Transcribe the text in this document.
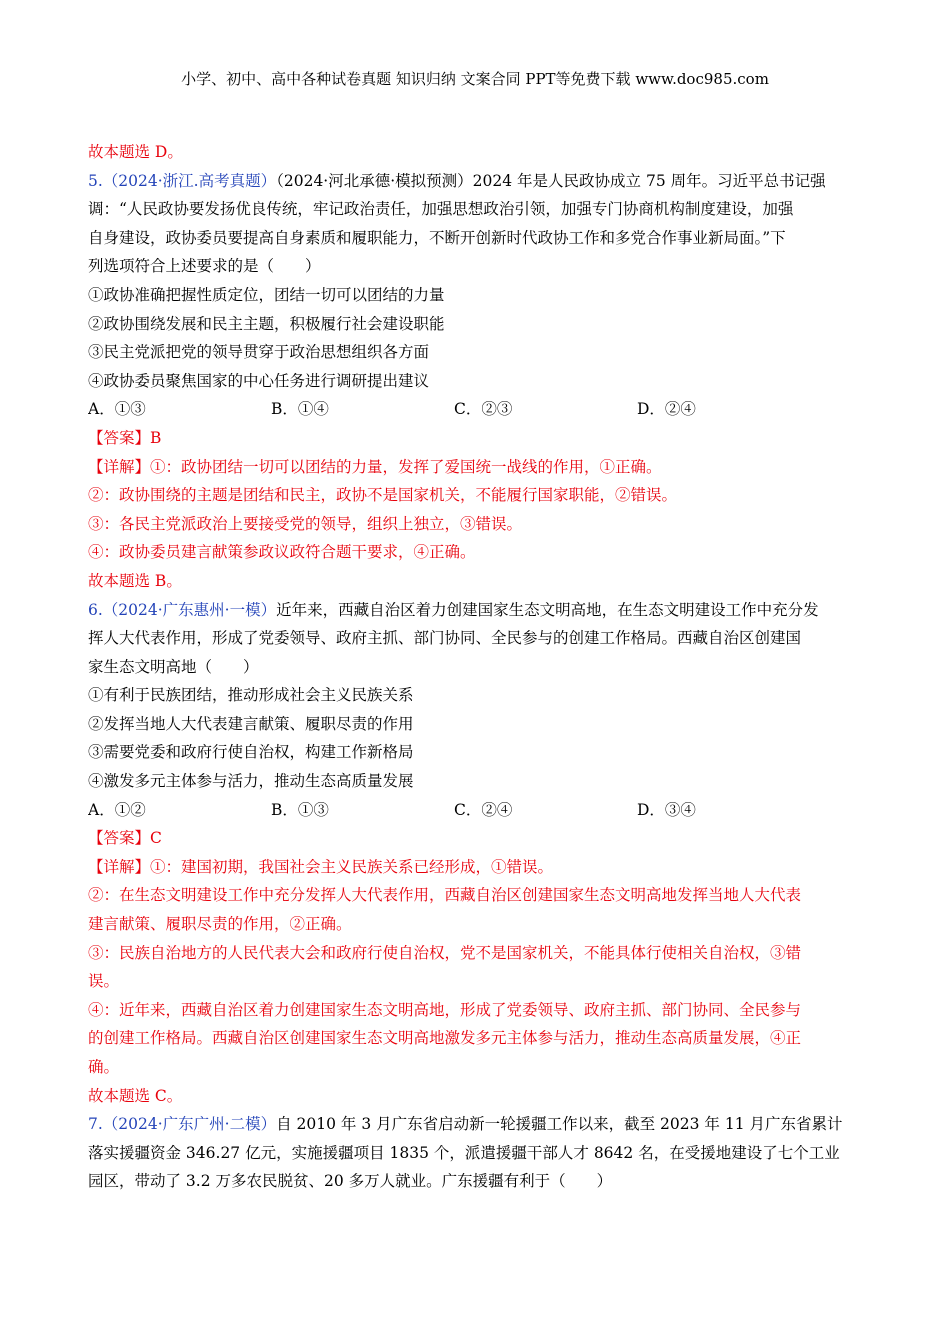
小学、初中、高中各种试卷真题 知识归纳 文案合同 PPT等免费下载 www.doc985.com
故本题选 D。
5.（2024·浙江.高考真题）（2024·河北承德·模拟预测）2024 年是人民政协成立 75 周年。习近平总书记强
调：“人民政协要发扬优良传统，牢记政治责任，加强思想政治引领，加强专门协商机构制度建设，加强
自身建设，政协委员要提高自身素质和履职能力，不断开创新时代政协工作和多党合作事业新局面。”下
列选项符合上述要求的是（　　）
①政协准确把握性质定位，团结一切可以团结的力量
②政协围绕发展和民主主题，积极履行社会建设职能
③民主党派把党的领导贯穿于政治思想组织各方面
④政协委员聚焦国家的中心任务进行调研提出建议
A．①③	B．①④	C．②③	D．②④
【答案】B
【详解】①：政协团结一切可以团结的力量，发挥了爱国统一战线的作用，①正确。
②：政协围绕的主题是团结和民主，政协不是国家机关，不能履行国家职能，②错误。
③：各民主党派政治上要接受党的领导，组织上独立，③错误。
④：政协委员建言献策参政议政符合题干要求，④正确。
故本题选 B。
6.（2024·广东惠州·一模）近年来，西藏自治区着力创建国家生态文明高地，在生态文明建设工作中充分发
挥人大代表作用，形成了党委领导、政府主抓、部门协同、全民参与的创建工作格局。西藏自治区创建国
家生态文明高地（　　）
①有利于民族团结，推动形成社会主义民族关系
②发挥当地人大代表建言献策、履职尽责的作用
③需要党委和政府行使自治权，构建工作新格局
④激发多元主体参与活力，推动生态高质量发展
A．①②	B．①③	C．②④	D．③④
【答案】C
【详解】①：建国初期，我国社会主义民族关系已经形成，①错误。
②：在生态文明建设工作中充分发挥人大代表作用，西藏自治区创建国家生态文明高地发挥当地人大代表
建言献策、履职尽责的作用，②正确。
③：民族自治地方的人民代表大会和政府行使自治权，党不是国家机关，不能具体行使相关自治权，③错
误。
④：近年来，西藏自治区着力创建国家生态文明高地，形成了党委领导、政府主抓、部门协同、全民参与
的创建工作格局。西藏自治区创建国家生态文明高地激发多元主体参与活力，推动生态高质量发展，④正
确。
故本题选 C。
7.（2024·广东广州·二模）自 2010 年 3 月广东省启动新一轮援疆工作以来，截至 2023 年 11 月广东省累计
落实援疆资金 346.27 亿元，实施援疆项目 1835 个，派遣援疆干部人才 8642 名，在受援地建设了七个工业
园区，带动了 3.2 万多农民脱贫、20 多万人就业。广东援疆有利于（　　）
